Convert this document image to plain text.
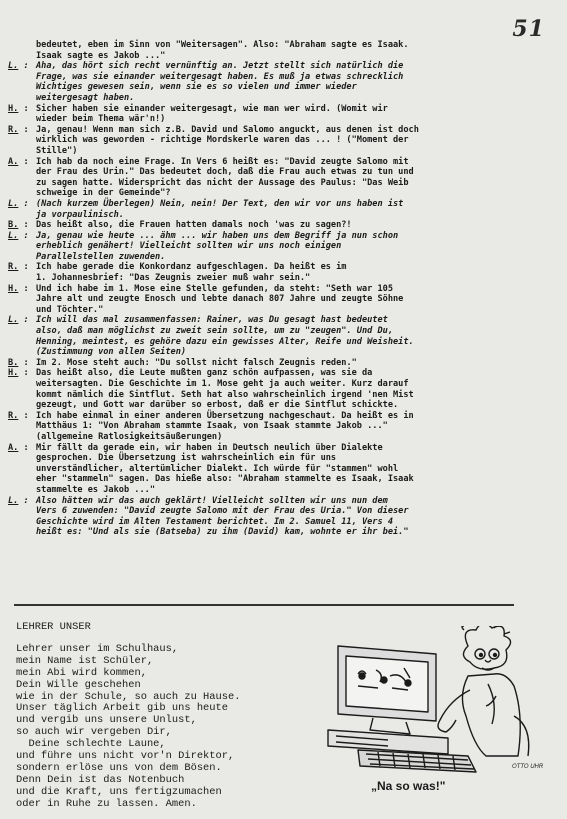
51
bedeutet, eben im Sinn von "Weitersagen". Also: "Abraham sagte es Isaak.
Isaak sagte es Jakob ..."
L. : Aha, das hört sich recht vernünftig an. Jetzt stellt sich natürlich die
Frage, was sie einander weitergesagt haben. Es muß ja etwas schrecklich
Wichtiges gewesen sein, wenn sie es so vielen und immer wieder
weitergesagt haben.
H. : Sicher haben sie einander weitergesagt, wie man wer wird. (Womit wir
wieder beim Thema wär'n!)
R. : Ja, genau! Wenn man sich z.B. David und Salomo anguckt, aus denen ist doch
wirklich was geworden - richtige Mordskerle waren das ... ! ("Moment der
Stille")
A. : Ich hab da noch eine Frage. In Vers 6 heißt es: "David zeugte Salomo mit
der Frau des Urin." Das bedeutet doch, daß die Frau auch etwas zu tun und
zu sagen hatte. Widerspricht das nicht der Aussage des Paulus: "Das Weib
schweige in der Gemeinde"?
L. : (Nach kurzem Überlegen) Nein, nein! Der Text, den wir vor uns haben ist
ja vorpaulinisch.
B. : Das heißt also, die Frauen hatten damals noch 'was zu sagen?!
L. : Ja, genau wie heute ... ähm ... wir haben uns dem Begriff ja nun schon
erheblich genähert! Vielleicht sollten wir uns noch einigen
Parallelstellen zuwenden.
R. : Ich habe gerade die Konkordanz aufgeschlagen. Da heißt es im
1. Johannesbrief: "Das Zeugnis zweier muß wahr sein."
H. : Und ich habe im 1. Mose eine Stelle gefunden, da steht: "Seth war 105
Jahre alt und zeugte Enosch und lebte danach 807 Jahre und zeugte Söhne
und Töchter."
L. : Ich will das mal zusammenfassen: Rainer, was Du gesagt hast bedeutet
also, daß man möglichst zu zweit sein sollte, um zu "zeugen". Und Du,
Henning, meintest, es gehöre dazu ein gewisses Alter, Reife und Weisheit.
(Zustimmung von allen Seiten)
B. : Im 2. Mose steht auch: "Du sollst nicht falsch Zeugnis reden."
H. : Das heißt also, die Leute mußten ganz schön aufpassen, was sie da
weitersagten. Die Geschichte im 1. Mose geht ja auch weiter. Kurz darauf
kommt nämlich die Sintflut. Seth hat also wahrscheinlich irgend 'nen Mist
gezeugt, und Gott war darüber so erbost, daß er die Sintflut schickte.
R. : Ich habe einmal in einer anderen Übersetzung nachgeschaut. Da heißt es in
Matthäus 1: "Von Abraham stammte Isaak, von Isaak stammte Jakob ..."
(allgemeine Ratlosigkeitsäußerungen)
A. : Mir fällt da gerade ein, wir haben in Deutsch neulich über Dialekte
gesprochen. Die Übersetzung ist wahrscheinlich ein für uns
unverständlicher, altertümlicher Dialekt. Ich würde für "stammen" wohl
eher "stammeln" sagen. Das hieße also: "Abraham stammelte es Isaak, Isaak
stammelte es Jakob ..."
L. : Also hätten wir das auch geklärt! Vielleicht sollten wir uns nun dem
Vers 6 zuwenden: "David zeugte Salomo mit der Frau des Uria." Von dieser
Geschichte wird im Alten Testament berichtet. Im 2. Samuel 11, Vers 4
heißt es: "Und als sie (Batseba) zu ihm (David) kam, wohnte er ihr bei."
LEHRER UNSER
Lehrer unser im Schulhaus,
mein Name ist Schüler,
mein Abi wird kommen,
Dein Wille geschehen
wie in der Schule, so auch zu Hause.
Unser täglich Arbeit gib uns heute
und vergib uns unsere Unlust,
so auch wir vergeben Dir,
Deine schlechte Laune,
und führe uns nicht vor'n Direktor,
sondern erlöse uns von dem Bösen.
Denn Dein ist das Notenbuch
und die Kraft, uns fertigzumachen
oder in Ruhe zu lassen. Amen.
OTTO UHR
„Na so was!"
